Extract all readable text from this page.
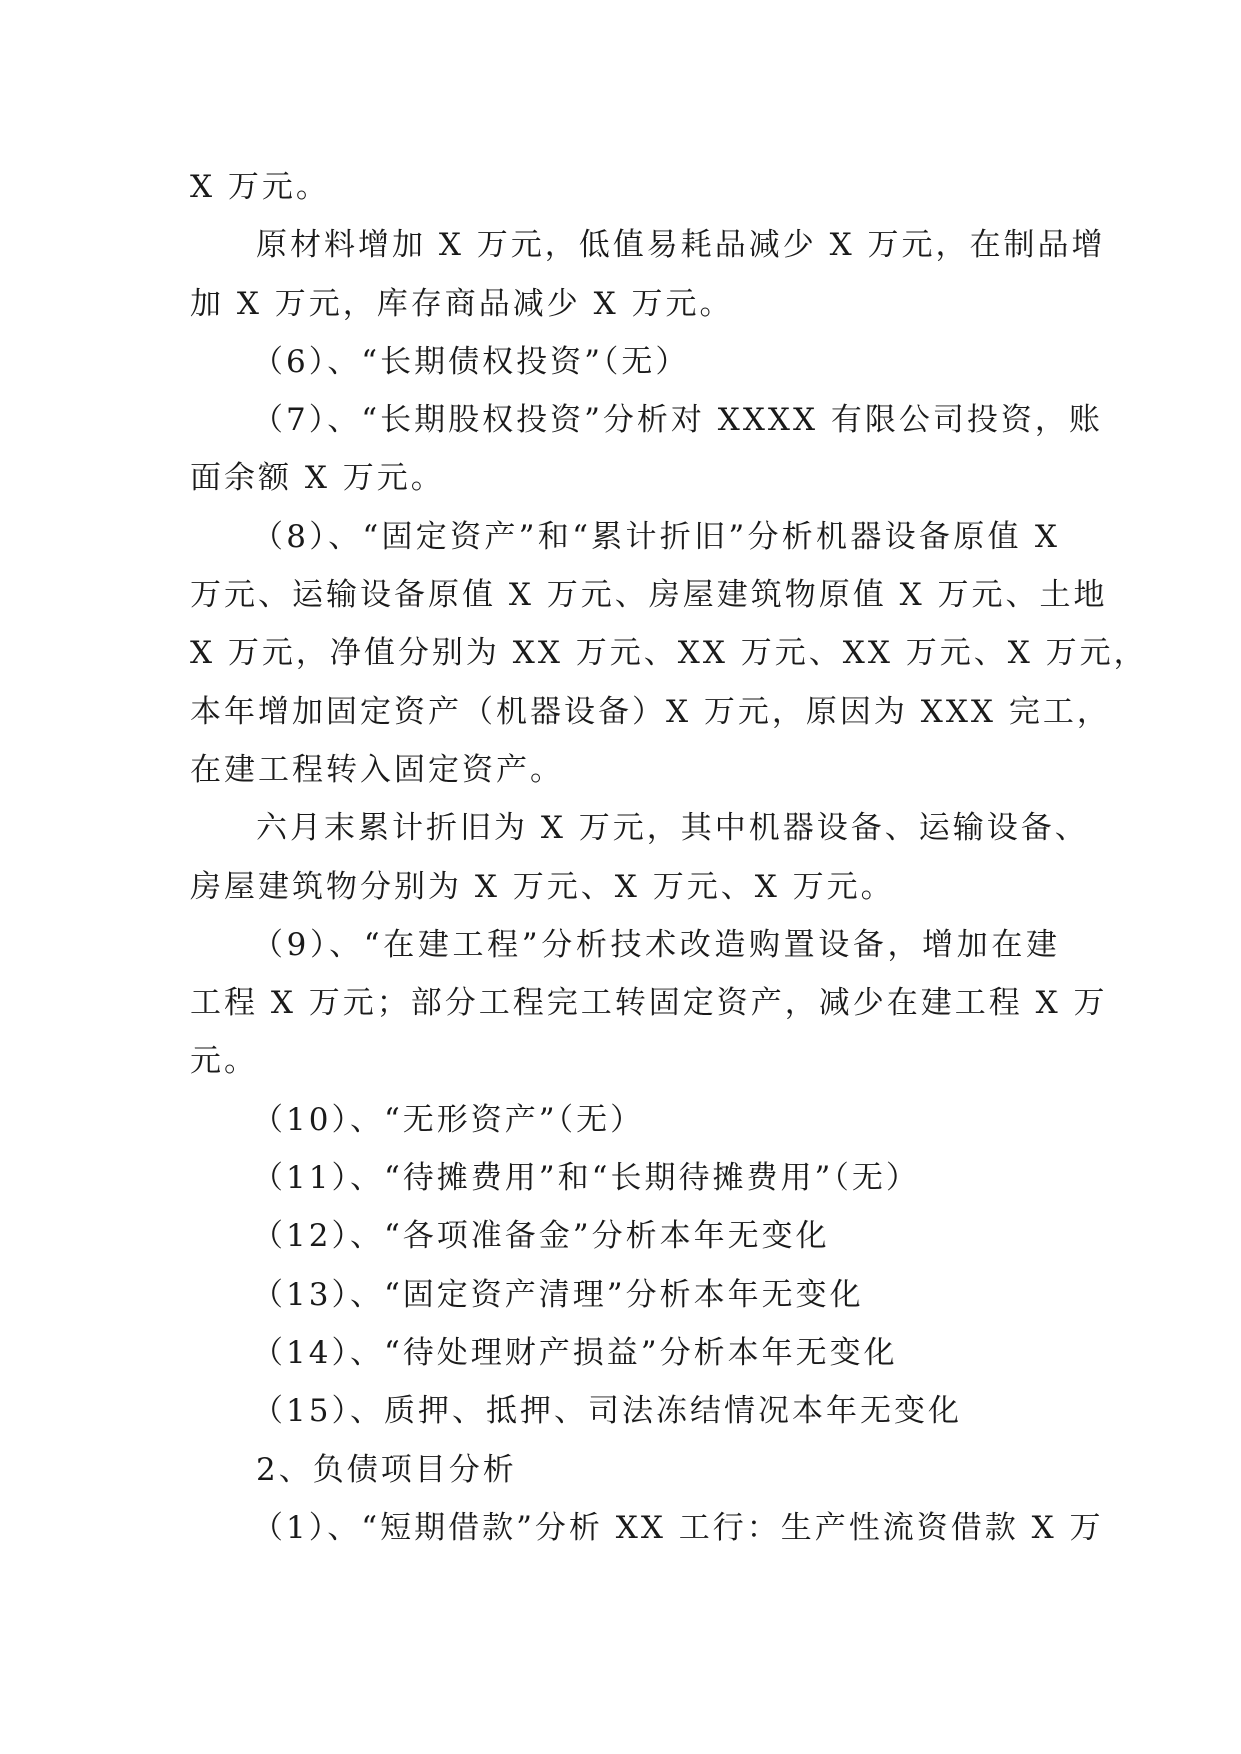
X 万元。
原材料增加 X 万元，低值易耗品减少 X 万元，在制品增
加 X 万元，库存商品减少 X 万元。
（6）、“长期债权投资”（无）
（7）、“长期股权投资”分析对 XXXX 有限公司投资，账
面余额 X 万元。
（8）、“固定资产”和“累计折旧”分析机器设备原值 X
万元、运输设备原值 X 万元、房屋建筑物原值 X 万元、土地
X 万元，净值分别为 XX 万元、XX 万元、XX 万元、X 万元，
本年增加固定资产（机器设备）X 万元，原因为 XXX 完工，
在建工程转入固定资产。
六月末累计折旧为 X 万元，其中机器设备、运输设备、
房屋建筑物分别为 X 万元、X 万元、X 万元。
（9）、“在建工程”分析技术改造购置设备，增加在建
工程 X 万元；部分工程完工转固定资产，减少在建工程 X 万
元。
（10）、“无形资产”（无）
（11）、“待摊费用”和“长期待摊费用”（无）
（12）、“各项准备金”分析本年无变化
（13）、“固定资产清理”分析本年无变化
（14）、“待处理财产损益”分析本年无变化
（15）、质押、抵押、司法冻结情况本年无变化
2、负债项目分析
（1）、“短期借款”分析 XX 工行：生产性流资借款 X 万
